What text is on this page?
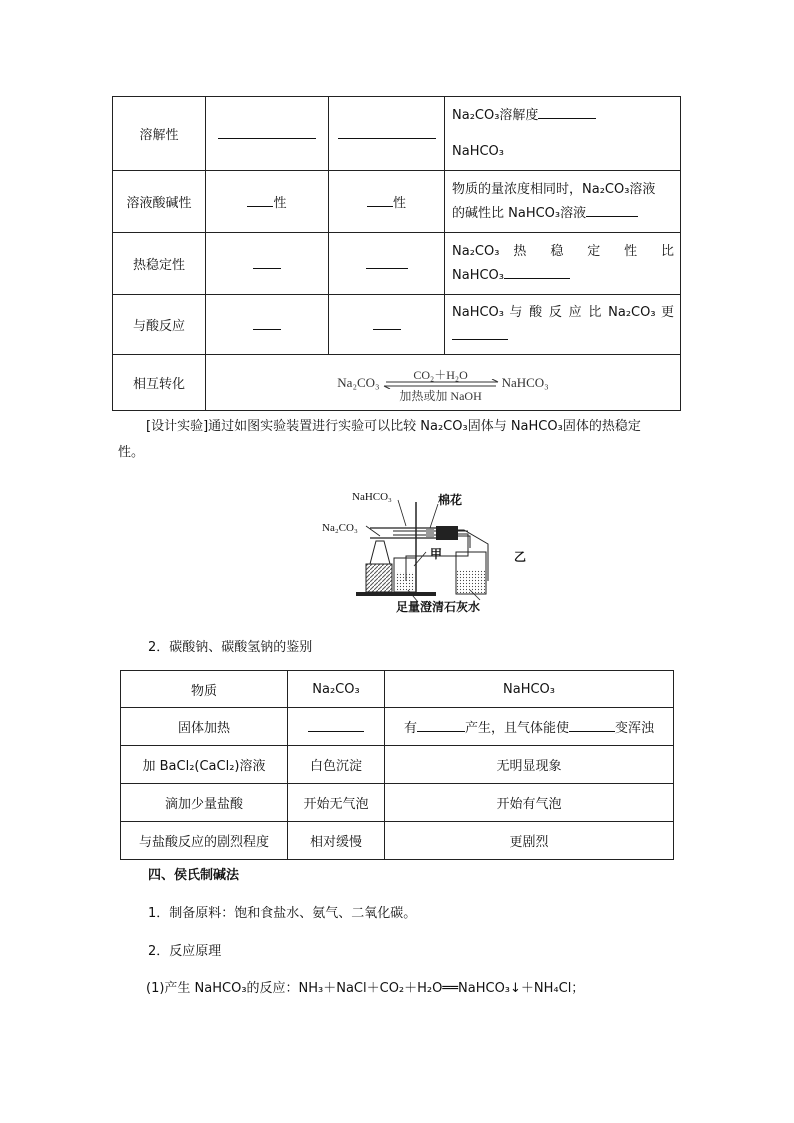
溶解性			Na₂CO₃溶解度
NaHCO₃

溶液酸碱性	性	性	物质的量浓度相同时，Na₂CO₃溶液
的碱性比 NaHCO₃溶液

热稳定性			Na₂CO₃ 热 稳 定 性 比
NaHCO₃

与酸反应			NaHCO₃ 与 酸 反 应 比 Na₂CO₃ 更

相互转化	Na₂CO₃ CO₂＋H₂O
加热或加 NaOH
NaHCO₃		
[设计实验]通过如图实验装置进行实验可以比较 Na₂CO₃固体与 NaHCO₃固体的热稳定
性。
NaHCO₃	棉花
Na₂CO₃
甲	乙
足量澄清石灰水
2．碳酸钠、碳酸氢钠的鉴别
物质	Na₂CO₃	NaHCO₃
固体加热		有 产生，且气体能使 变浑浊
加 BaCl₂(CaCl₂)溶液	白色沉淀	无明显现象
滴加少量盐酸	开始无气泡	开始有气泡
与盐酸反应的剧烈程度	相对缓慢	更剧烈
四、侯氏制碱法
1．制备原料：饱和食盐水、氨气、二氧化碳。
2．反应原理
(1)产生 NaHCO₃的反应：NH₃＋NaCl＋CO₂＋H₂O══NaHCO₃↓＋NH₄Cl；
